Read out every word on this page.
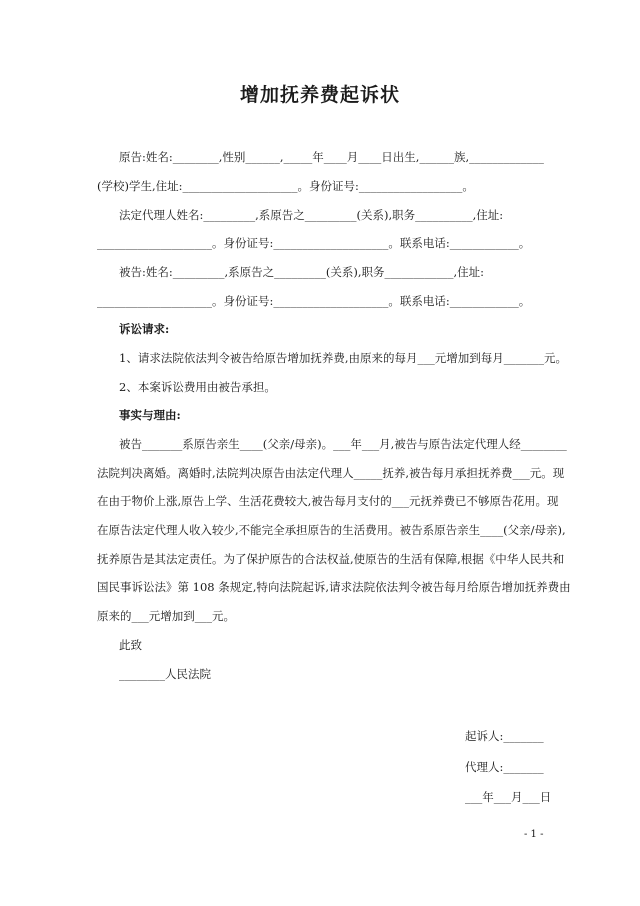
增加抚养费起诉状

原告:姓名:________,性别______,_____年____月____日出生,______族,_____________

(学校)学生,住址:____________________。身份证号:__________________。

法定代理人姓名:_________,系原告之_________(关系),职务__________,住址:

____________________。身份证号:____________________。联系电话:____________。

被告:姓名:_________,系原告之_________(关系),职务____________,住址:

____________________。身份证号:____________________。联系电话:____________。

诉讼请求:

1、请求法院依法判令被告给原告增加抚养费,由原来的每月___元增加到每月_______元。

2、本案诉讼费用由被告承担。

事实与理由:

被告_______系原告亲生____(父亲/母亲)。___年___月,被告与原告法定代理人经________

法院判决离婚。离婚时,法院判决原告由法定代理人_____抚养,被告每月承担抚养费___元。现

在由于物价上涨,原告上学、生活花费较大,被告每月支付的___元抚养费已不够原告花用。现

在原告法定代理人收入较少,不能完全承担原告的生活费用。被告系原告亲生____(父亲/母亲),

抚养原告是其法定责任。为了保护原告的合法权益,使原告的生活有保障,根据《中华人民共和

国民事诉讼法》第 108 条规定,特向法院起诉,请求法院依法判令被告每月给原告增加抚养费由

原来的___元增加到___元。

此致

________人民法院

起诉人:_______

代理人:_______

___年___月___日

- 1 -
